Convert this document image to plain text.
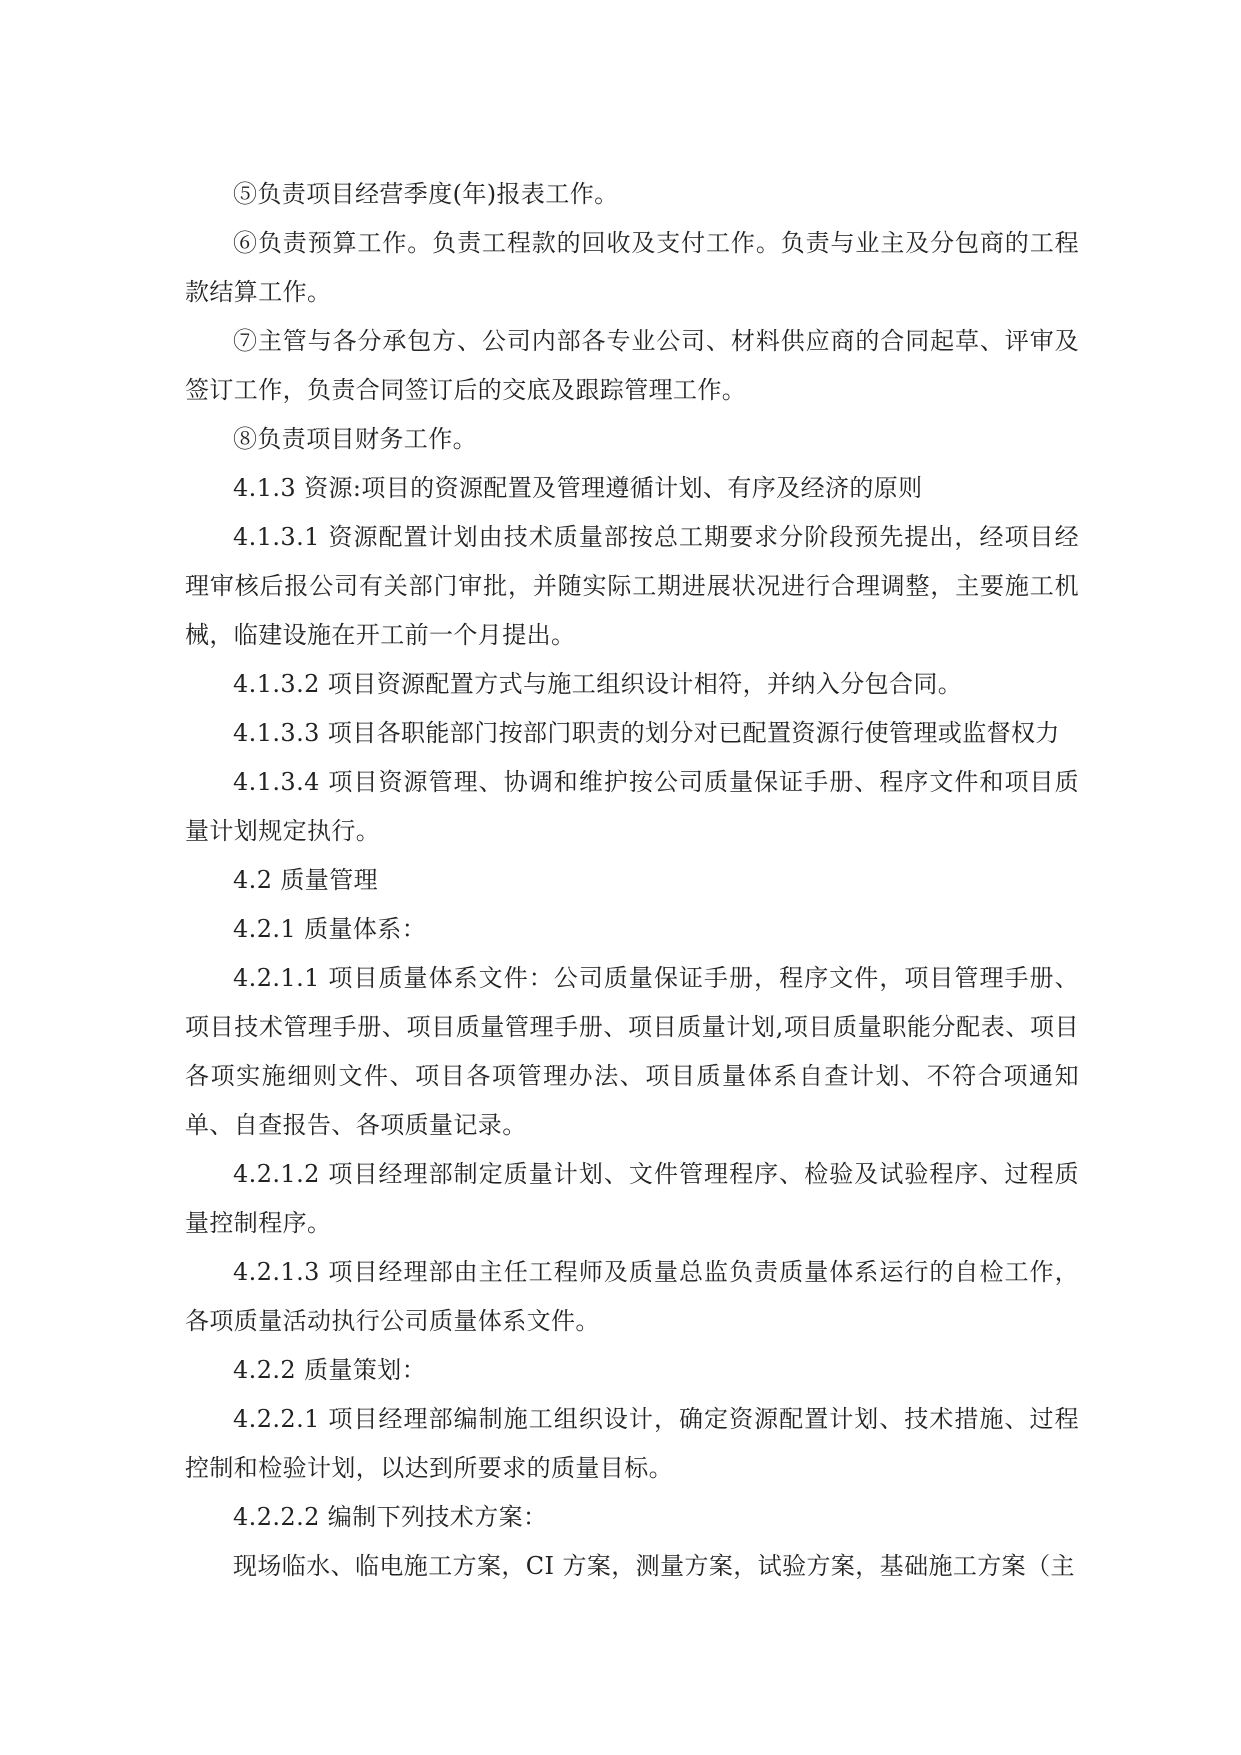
⑤负责项目经营季度(年)报表工作。

⑥负责预算工作。负责工程款的回收及支付工作。负责与业主及分包商的工程款结算工作。

⑦主管与各分承包方、公司内部各专业公司、材料供应商的合同起草、评审及签订工作，负责合同签订后的交底及跟踪管理工作。

⑧负责项目财务工作。

4.1.3 资源:项目的资源配置及管理遵循计划、有序及经济的原则

4.1.3.1 资源配置计划由技术质量部按总工期要求分阶段预先提出，经项目经理审核后报公司有关部门审批，并随实际工期进展状况进行合理调整，主要施工机械，临建设施在开工前一个月提出。

4.1.3.2 项目资源配置方式与施工组织设计相符，并纳入分包合同。

4.1.3.3 项目各职能部门按部门职责的划分对已配置资源行使管理或监督权力

4.1.3.4 项目资源管理、协调和维护按公司质量保证手册、程序文件和项目质量计划规定执行。

4.2 质量管理

4.2.1 质量体系：

4.2.1.1 项目质量体系文件：公司质量保证手册，程序文件，项目管理手册、项目技术管理手册、项目质量管理手册、项目质量计划,项目质量职能分配表、项目各项实施细则文件、项目各项管理办法、项目质量体系自查计划、不符合项通知单、自查报告、各项质量记录。

4.2.1.2 项目经理部制定质量计划、文件管理程序、检验及试验程序、过程质量控制程序。

4.2.1.3 项目经理部由主任工程师及质量总监负责质量体系运行的自检工作，各项质量活动执行公司质量体系文件。

4.2.2 质量策划：

4.2.2.1 项目经理部编制施工组织设计，确定资源配置计划、技术措施、过程控制和检验计划，以达到所要求的质量目标。

4.2.2.2 编制下列技术方案：

现场临水、临电施工方案，CI 方案，测量方案，试验方案，基础施工方案（主
